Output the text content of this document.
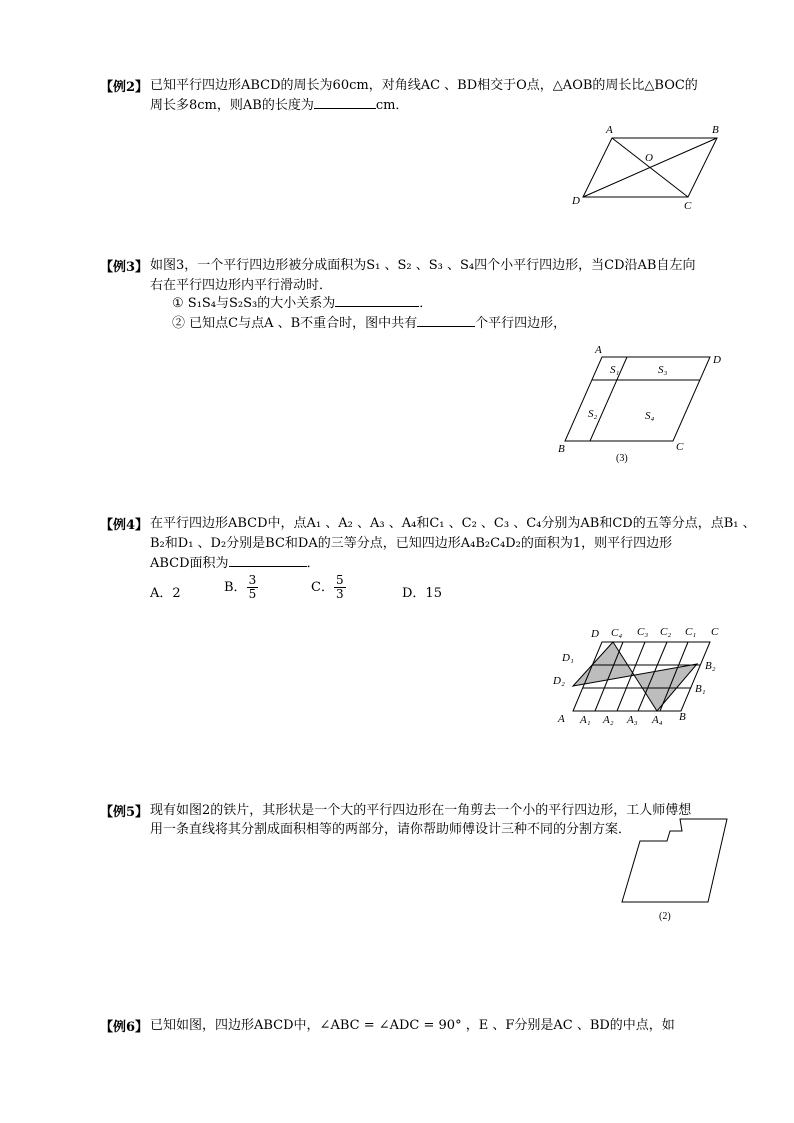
【例2】 已知平行四边形ABCD的周长为60cm，对角线AC 、BD相交于O点，△AOB的周长比△BOC的
周长多8cm，则AB的长度为	cm．
A	B
C
D
O
【例3】 如图3，一个平行四边形被分成面积为S₁ 、S₂ 、S₃ 、S₄四个小平行四边形，当CD沿AB自左向
右在平行四边形内平行滑动时．
① S₁S₄与S₂S₃的大小关系为	．
② 已知点C与点A 、B不重合时，图中共有	个平行四边形，
A
D
B	C
S₁	S₃
S₂	S₄
(3)
【例4】 在平行四边形ABCD中，点A₁ 、A₂ 、A₃ 、A₄和C₁ 、C₂ 、C₃ 、C₄分别为AB和CD的五等分点，点B₁ 、
B₂和D₁ 、D₂分别是BC和DA的三等分点，已知四边形A₄B₂C₄D₂的面积为1，则平行四边形
ABCD面积为	．
A．2	B． $\frac{3}{5}$	C． $\frac{5}{3}$	D．15
D C₄ C₃ C₂ C₁ C
D₁
D₂
B₂
B₁
A A₁ A₂ A₃ A₄ B
【例5】 现有如图2的铁片，其形状是一个大的平行四边形在一角剪去一个小的平行四边形，工人师傅想
用一条直线将其分割成面积相等的两部分，请你帮助师傅设计三种不同的分割方案．
(2)
【例6】 已知如图，四边形ABCD中，∠ABC = ∠ADC = 90° ，E 、F分别是AC 、BD的中点，如
